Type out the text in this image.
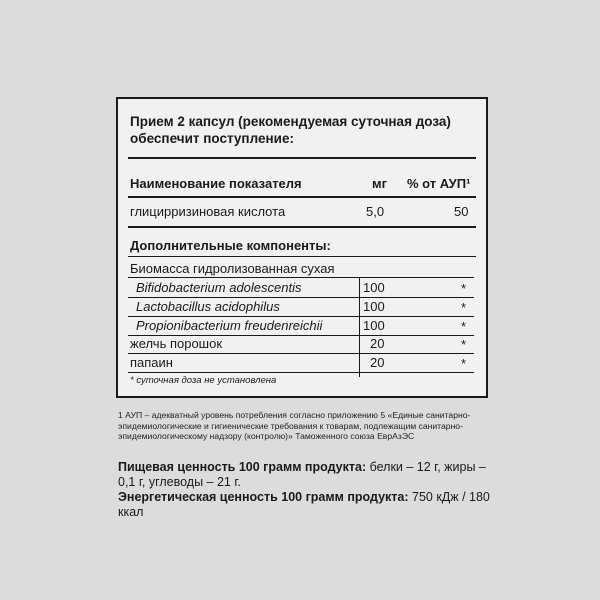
Прием 2 капсул (рекомендуемая суточная доза) обеспечит поступление:
Наименование показателя	мг % от АУП¹
глицирризиновая кислота	5,0	50
Дополнительные компоненты:
Биомасса гидролизованная сухая
Bifidobacterium adolescentis	100	*
Lactobacillus acidophilus	100	*
Propionibacterium freudenreichii	100	*
желчь порошок	20	*
папаин	20	*
* суточная доза не установлена
1 АУП – адекватный уровень потребления согласно приложению 5 «Единые санитарно-эпидемиологические и гигиенические требования к товарам, подлежащим санитарно-эпидемиологическому надзору (контролю)» Таможенного союза ЕврАзЭС
Пищевая ценность 100 грамм продукта: белки – 12 г, жиры – 0,1 г, углеводы – 21 г.
Энергетическая ценность 100 грамм продукта: 750 кДж / 180 ккал
